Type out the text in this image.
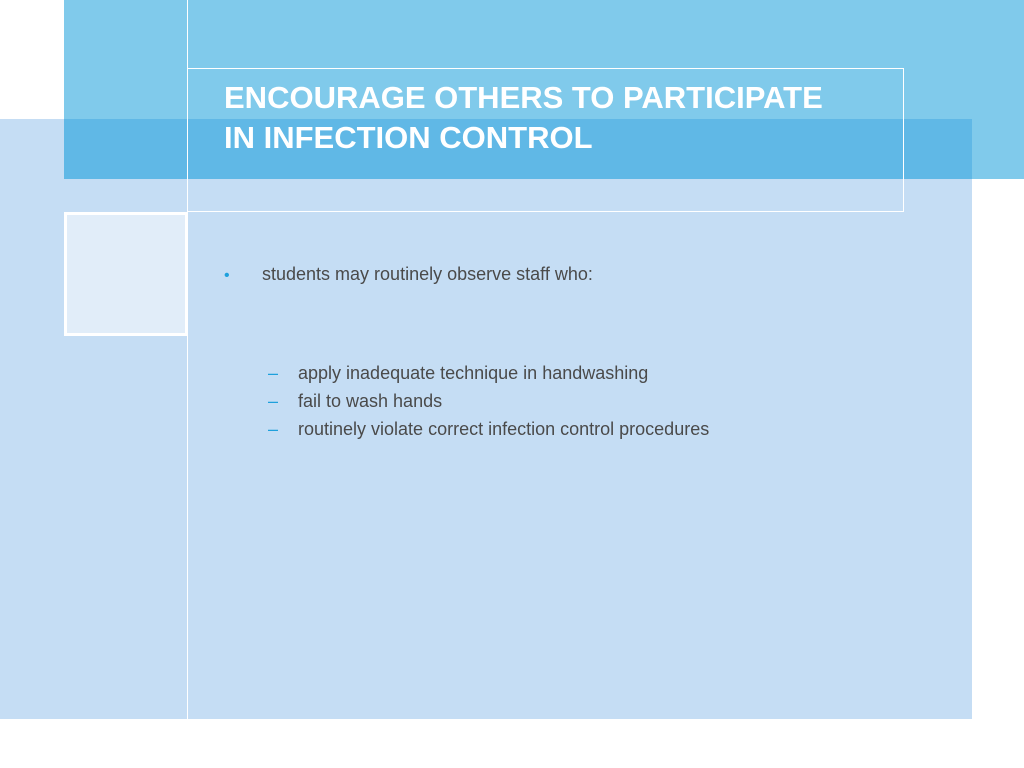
ENCOURAGE OTHERS TO PARTICIPATE
IN INFECTION CONTROL
•	students may routinely observe staff who:
–	apply inadequate technique in handwashing
–	fail to wash hands
–	routinely violate correct infection control procedures
